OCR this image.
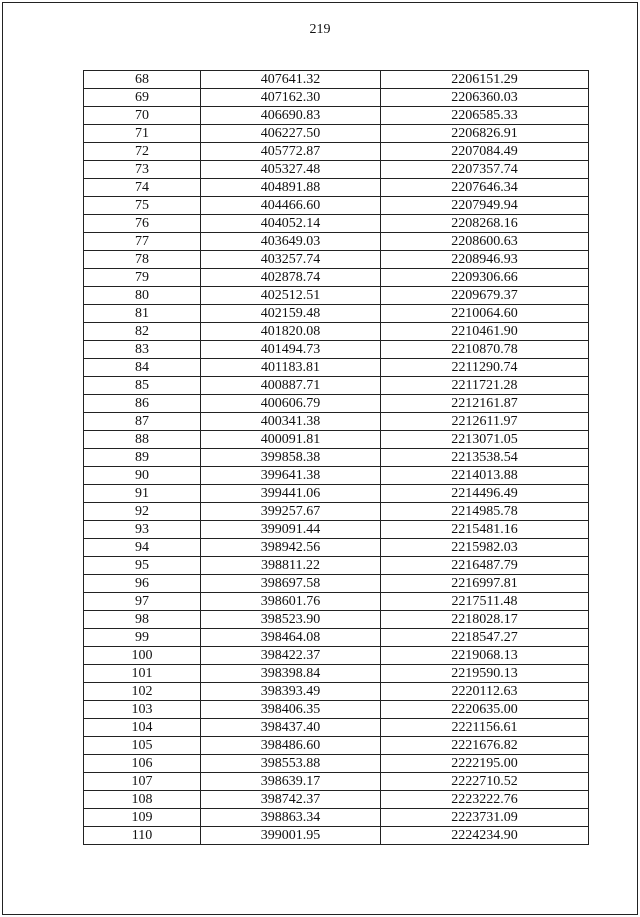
219
68	407641.32	2206151.29
69	407162.30	2206360.03
70	406690.83	2206585.33
71	406227.50	2206826.91
72	405772.87	2207084.49
73	405327.48	2207357.74
74	404891.88	2207646.34
75	404466.60	2207949.94
76	404052.14	2208268.16
77	403649.03	2208600.63
78	403257.74	2208946.93
79	402878.74	2209306.66
80	402512.51	2209679.37
81	402159.48	2210064.60
82	401820.08	2210461.90
83	401494.73	2210870.78
84	401183.81	2211290.74
85	400887.71	2211721.28
86	400606.79	2212161.87
87	400341.38	2212611.97
88	400091.81	2213071.05
89	399858.38	2213538.54
90	399641.38	2214013.88
91	399441.06	2214496.49
92	399257.67	2214985.78
93	399091.44	2215481.16
94	398942.56	2215982.03
95	398811.22	2216487.79
96	398697.58	2216997.81
97	398601.76	2217511.48
98	398523.90	2218028.17
99	398464.08	2218547.27
100	398422.37	2219068.13
101	398398.84	2219590.13
102	398393.49	2220112.63
103	398406.35	2220635.00
104	398437.40	2221156.61
105	398486.60	2221676.82
106	398553.88	2222195.00
107	398639.17	2222710.52
108	398742.37	2223222.76
109	398863.34	2223731.09
110	399001.95	2224234.90
